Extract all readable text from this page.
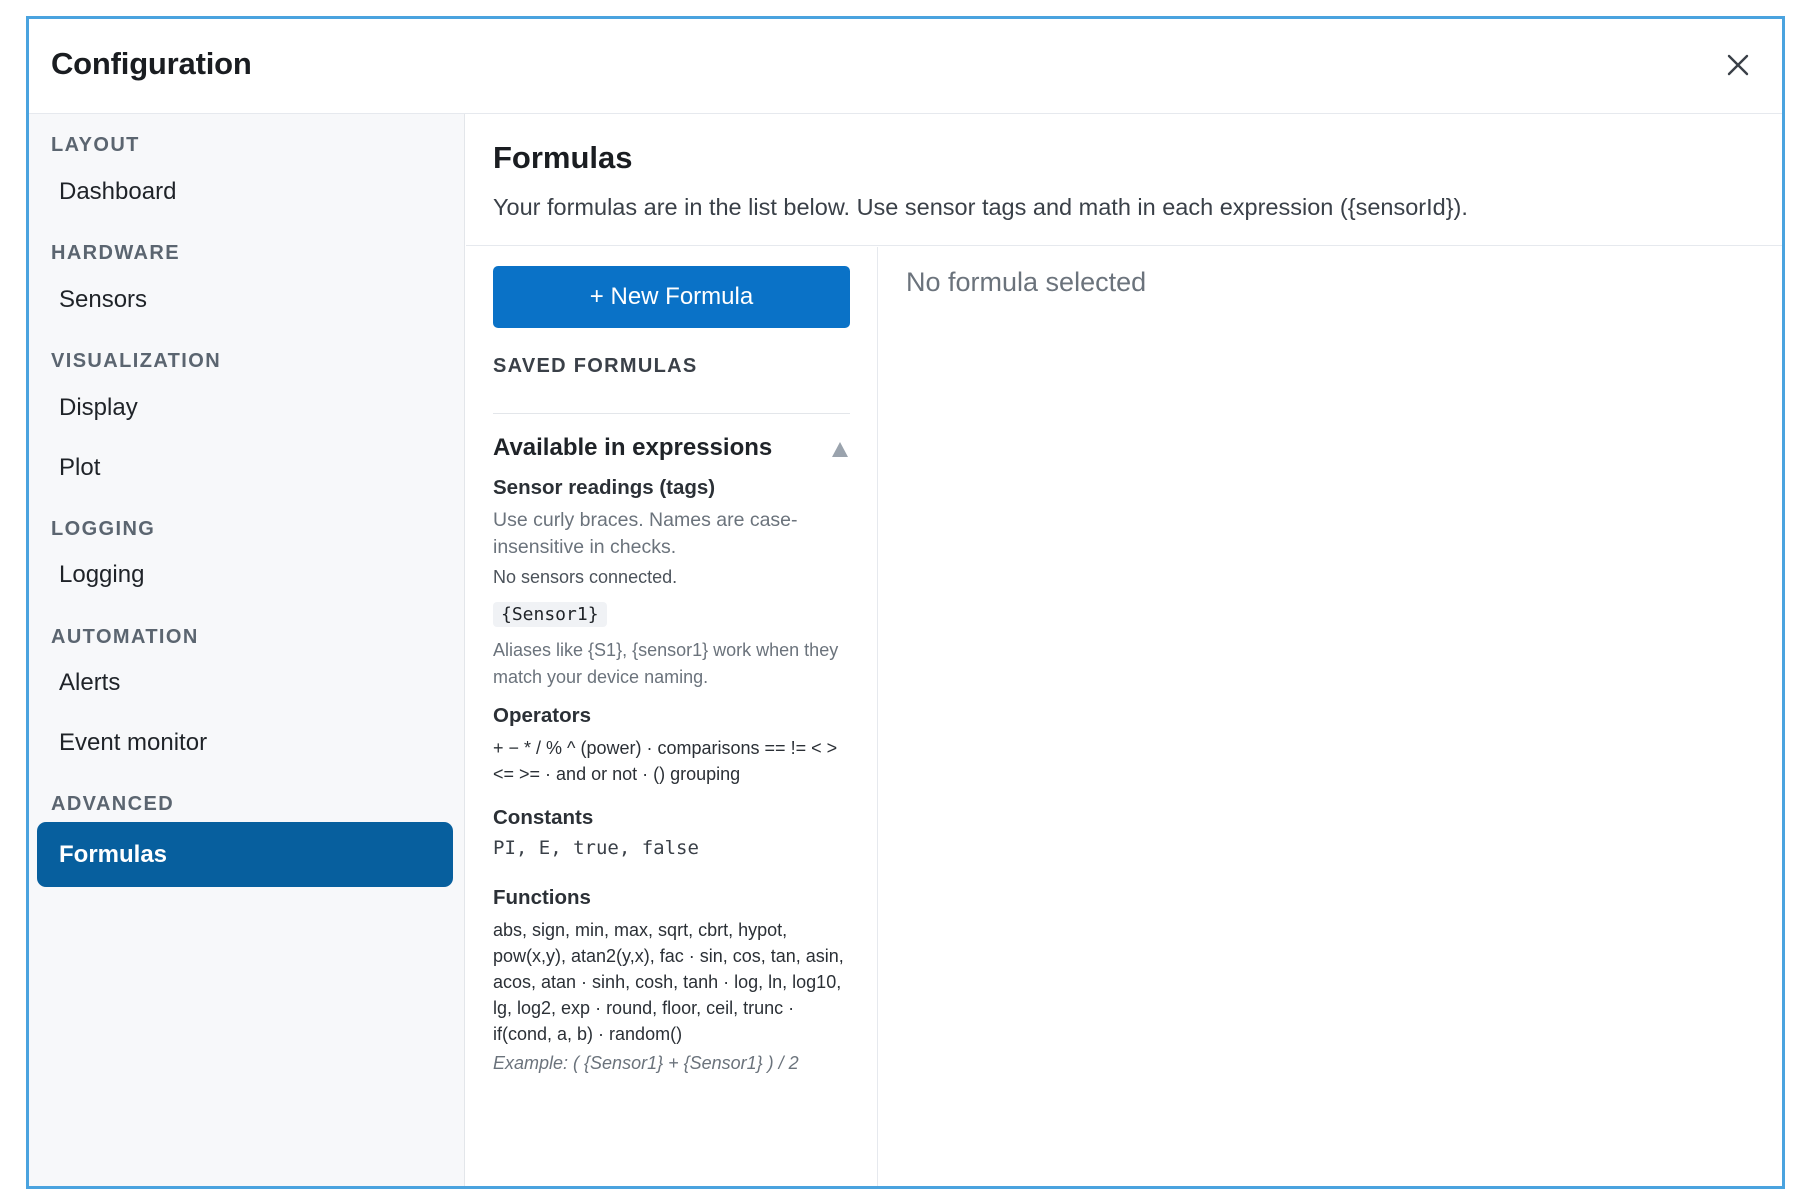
Configuration
LAYOUT
Dashboard
HARDWARE
Sensors
VISUALIZATION
Display
Plot
LOGGING
Logging
AUTOMATION
Alerts
Event monitor
ADVANCED
Formulas
Formulas
Your formulas are in the list below. Use sensor tags and math in each expression ({sensorId}).
+ New Formula
SAVED FORMULAS
Available in expressions
Sensor readings (tags)
Use curly braces. Names are case-insensitive in checks.
No sensors connected.
{Sensor1}
Aliases like {S1}, {sensor1} work when they match your device naming.
Operators
+ − * / % ^ (power) · comparisons == != < > <= >= · and or not · () grouping
Constants
PI, E, true, false
Functions
abs, sign, min, max, sqrt, cbrt, hypot, pow(x,y), atan2(y,x), fac · sin, cos, tan, asin, acos, atan · sinh, cosh, tanh · log, ln, log10, lg, log2, exp · round, floor, ceil, trunc · if(cond, a, b) · random()
Example: ( {Sensor1} + {Sensor1} ) / 2
No formula selected
